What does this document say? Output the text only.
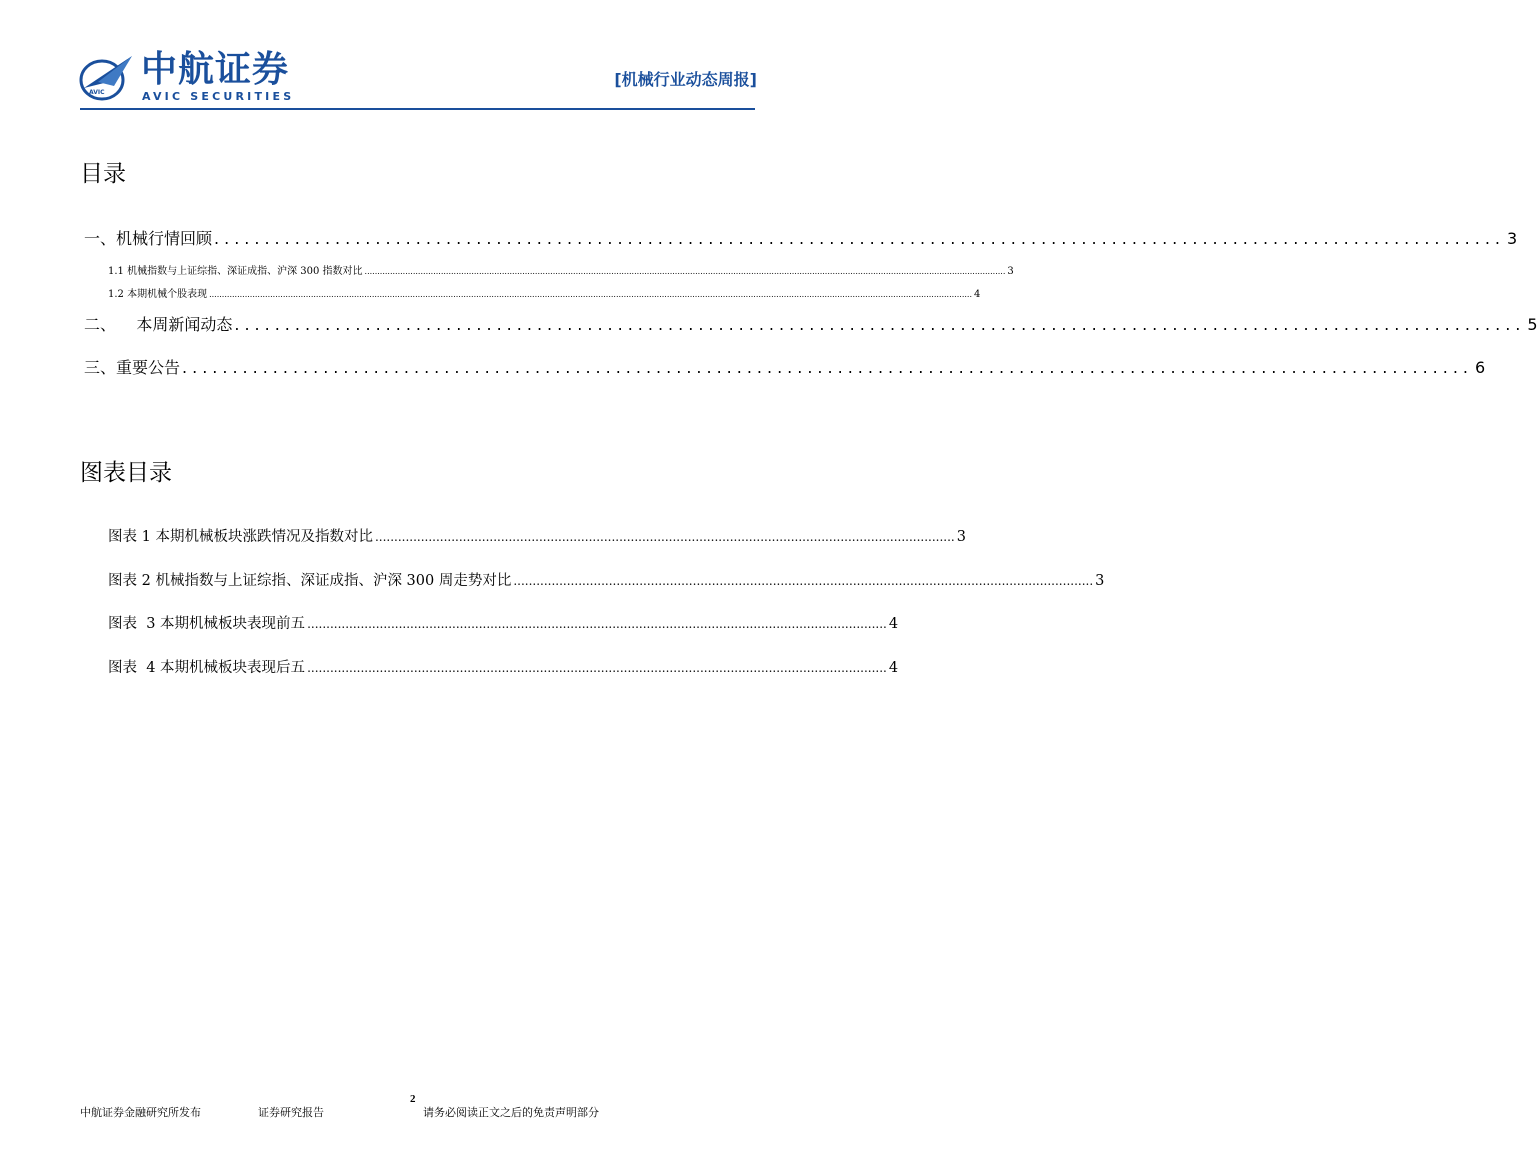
AVIC
中航证券
AVIC SECURITIES
[机械行业动态周报]
目录
一、机械行情回顾 ................................................................................................................................ 3
1.1 机械指数与上证综指、深证成指、沪深 300 指数对比 ............................................................................................................................................................................................................................................................ 3
1.2 本期机械个股表现 ............................................................................................................................................................................................................................................................................................................ 4
二、    本周新闻动态 ................................................................................................................................ 5
三、重要公告 ................................................................................................................................ 6
图表目录
图表 1 本期机械板块涨跌情况及指数对比 ........................................................................................................................................................ 3
图表 2 机械指数与上证综指、深证成指、沪深 300 周走势对比 ........................................................................................................................................................ 3
图表  3 本期机械板块表现前五 ........................................................................................................................................................ 4
图表  4 本期机械板块表现后五 ........................................................................................................................................................ 4
2
中航证券金融研究所发布	证券研究报告	请务必阅读正文之后的免责声明部分
